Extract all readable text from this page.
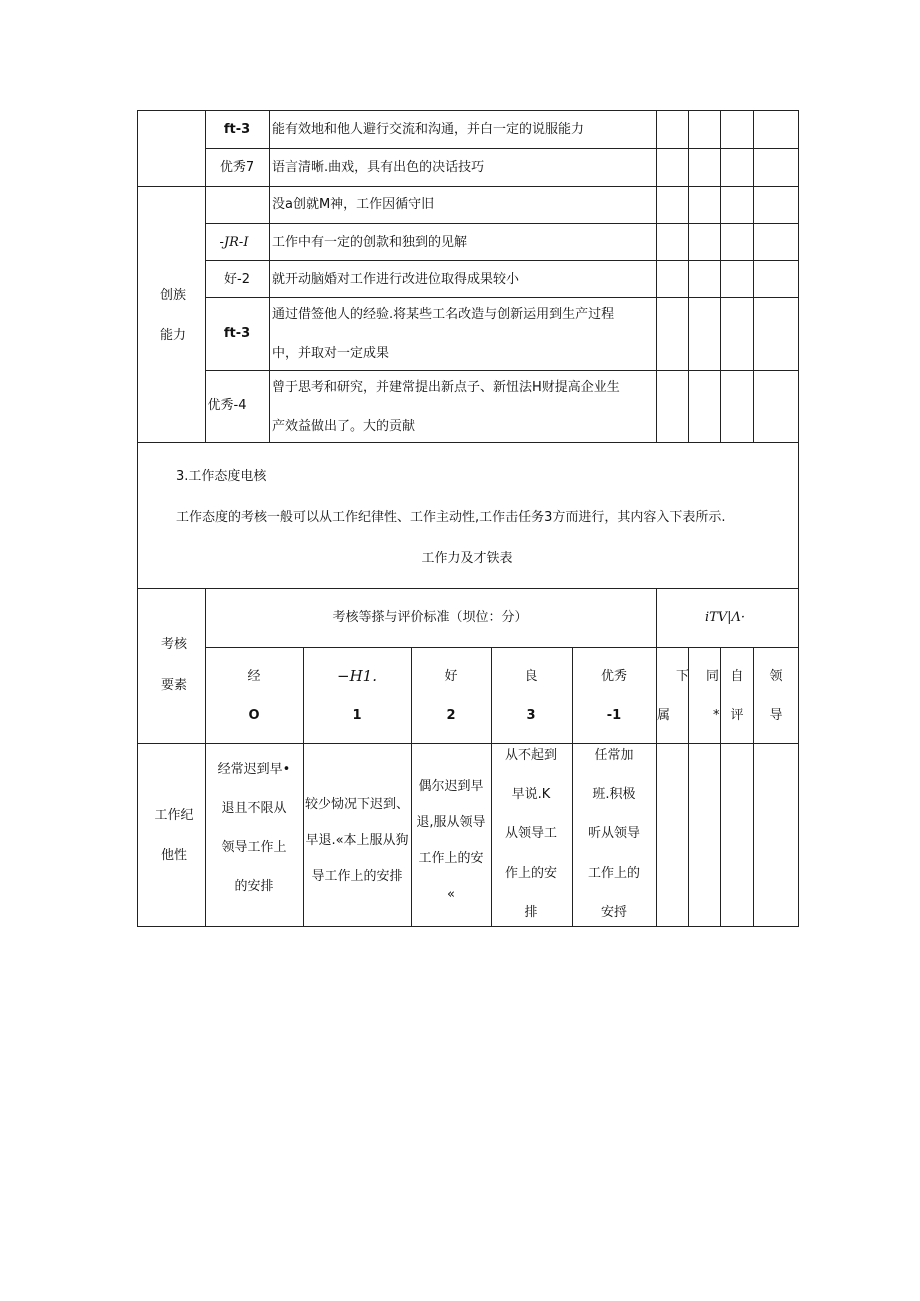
ft-3 能有效地和他人避行交流和沟通，并白一定的说服能力
优秀7 语言清晰.曲戏，具有出色的决话技巧
创族
能力
没a创就M神，工作因循守旧
-JR-I 工作中有一定的创款和独到的见解
好-2 就开动脑婚对工作进行改进位取得成果较小
ft-3
通过借签他人的经验.将某些工名改造与创新运用到生产过程
中，并取对一定成果
优秀-4
曾于思考和研究，并建常提出新点子、新忸法H财提高企业生
产效益做出了。大的贡献
3.工作态度电核
工作态度的考核一般可以从工作纪律性、工作主动性,工作击任务3方而进行，其内容入下表所示.
工作力及才铁表
考核
要素
考核等搽与评价标准（坝位：分）	iTV|Λ·
经
O
−H1.
1
好
2
良
3
优秀
-1
下
属
同
*
自
评
领
导
工作纪
他性
经常迟到早•
退且不限从
领导工作上
的安排
较少恸况下迟到、
早退.«本上服从狗
导工作上的安排
偶尔迟到早
退,服从领导
工作上的安
«
从不起到
早说.K
从领导工
作上的安
排
任常加
班.积极
听从领导
工作上的
安捋
